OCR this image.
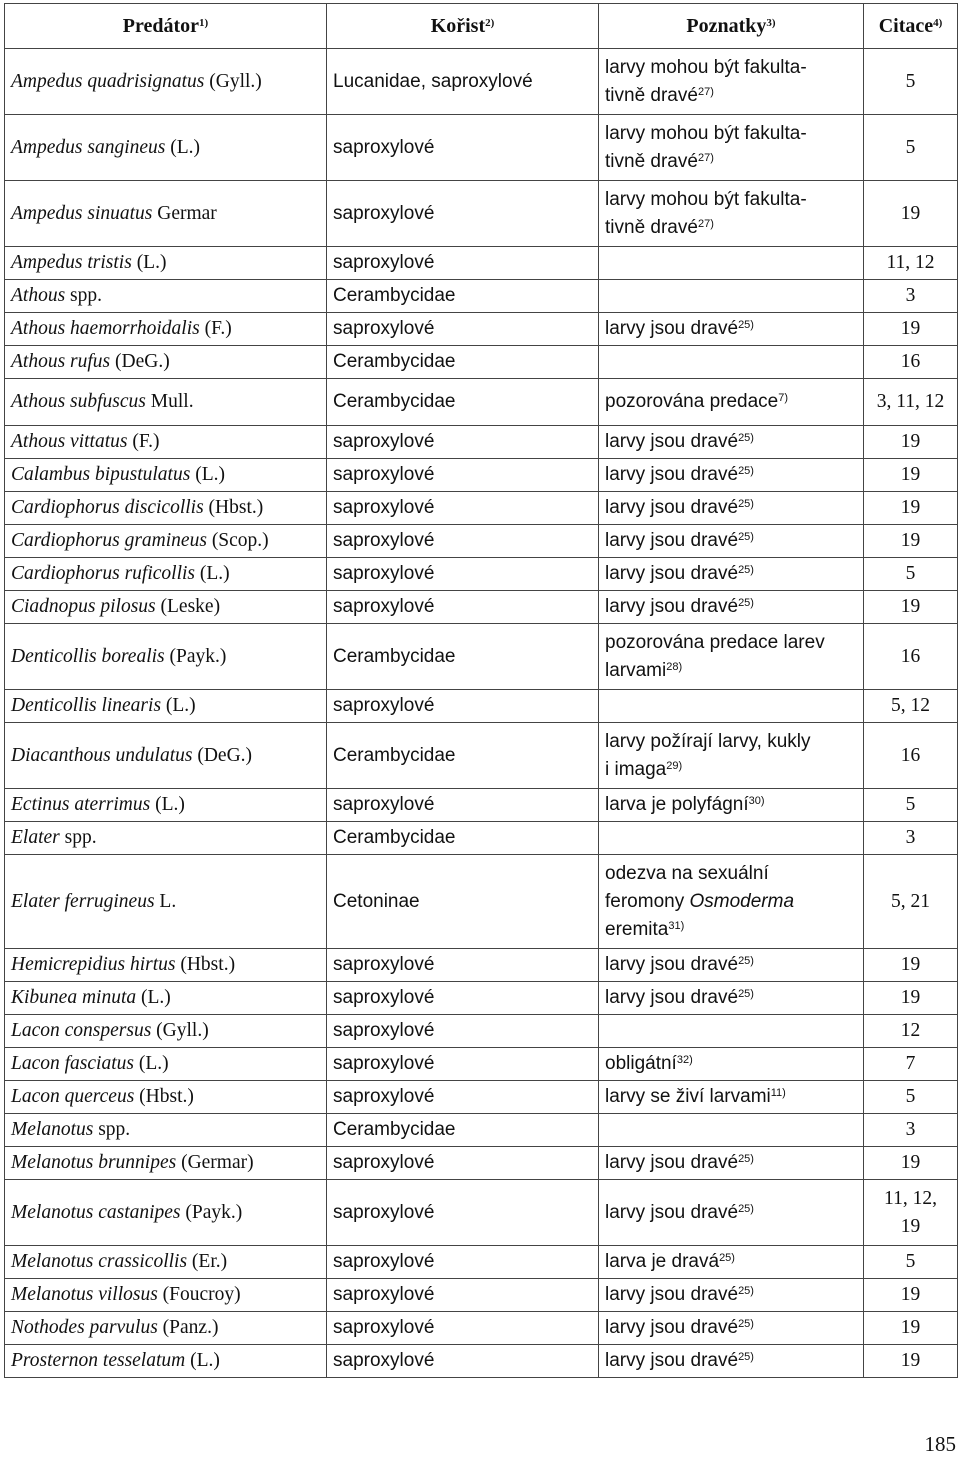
Predátor$^{1)}$	Kořist$^{2)}$	Poznatky$^{3)}$	Citace$^{4)}$
Ampedus quadrisignatus (Gyll.)	Lucanidae, saproxylové	larvy mohou být fakulta-
tivně dravé$^{27)}$	5
Ampedus sangineus (L.)	saproxylové	larvy mohou být fakulta-
tivně dravé$^{27)}$	5
Ampedus sinuatus Germar	saproxylové	larvy mohou být fakulta-
tivně dravé$^{27)}$	19
Ampedus tristis (L.)	saproxylové		11, 12
Athous spp.	Cerambycidae		3
Athous haemorrhoidalis (F.)	saproxylové	larvy jsou dravé$^{25)}$	19
Athous rufus (DeG.)	Cerambycidae		16
Athous subfuscus Mull.	Cerambycidae	pozorována predace$^{7)}$	3, 11, 12
Athous vittatus (F.)	saproxylové	larvy jsou dravé$^{25)}$	19
Calambus bipustulatus (L.)	saproxylové	larvy jsou dravé$^{25)}$	19
Cardiophorus discicollis (Hbst.)	saproxylové	larvy jsou dravé$^{25)}$	19
Cardiophorus gramineus (Scop.)	saproxylové	larvy jsou dravé$^{25)}$	19
Cardiophorus ruficollis (L.)	saproxylové	larvy jsou dravé$^{25)}$	5
Ciadnopus pilosus (Leske)	saproxylové	larvy jsou dravé$^{25)}$	19
Denticollis borealis (Payk.)	Cerambycidae	pozorována predace larev
larvami$^{28)}$	16
Denticollis linearis (L.)	saproxylové		5, 12
Diacanthous undulatus (DeG.)	Cerambycidae	larvy požírají larvy, kukly
i imaga$^{29)}$	16
Ectinus aterrimus (L.)	saproxylové	larva je polyfágní$^{30)}$	5
Elater spp.	Cerambycidae		3
Elater ferrugineus L.	Cetoninae	odezva na sexuální
feromony Osmoderma
eremita$^{31)}$	5, 21
Hemicrepidius hirtus (Hbst.)	saproxylové	larvy jsou dravé$^{25)}$	19
Kibunea minuta (L.)	saproxylové	larvy jsou dravé$^{25)}$	19
Lacon conspersus (Gyll.)	saproxylové		12
Lacon fasciatus (L.)	saproxylové	obligátní$^{32)}$	7
Lacon querceus (Hbst.)	saproxylové	larvy se živí larvami$^{11)}$	5
Melanotus spp.	Cerambycidae		3
Melanotus brunnipes (Germar)	saproxylové	larvy jsou dravé$^{25)}$	19
Melanotus castanipes (Payk.)	saproxylové	larvy jsou dravé$^{25)}$	11, 12,
19
Melanotus crassicollis (Er.)	saproxylové	larva je dravá$^{25)}$	5
Melanotus villosus (Foucroy)	saproxylové	larvy jsou dravé$^{25)}$	19
Nothodes parvulus (Panz.)	saproxylové	larvy jsou dravé$^{25)}$	19
Prosternon tesselatum (L.)	saproxylové	larvy jsou dravé$^{25)}$	19
185
